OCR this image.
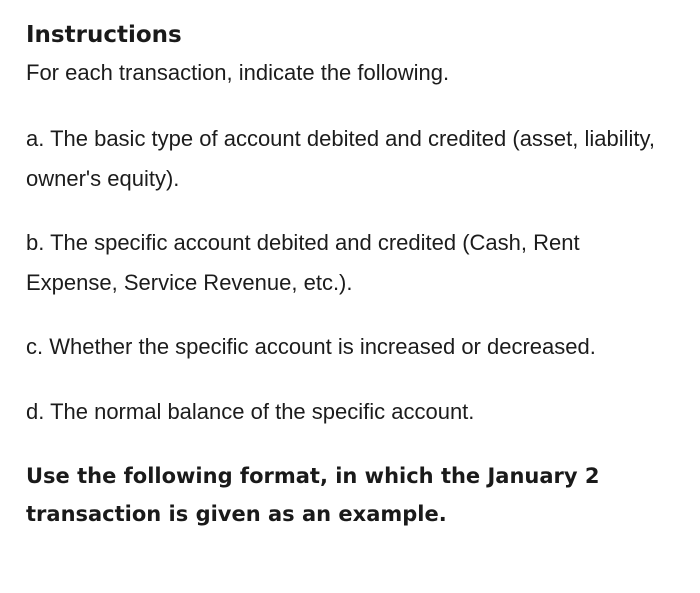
Instructions

For each transaction, indicate the following.

a. The basic type of account debited and credited (asset, liability, owner's equity).

b. The specific account debited and credited (Cash, Rent Expense, Service Revenue, etc.).

c. Whether the specific account is increased or decreased.

d. The normal balance of the specific account.

Use the following format, in which the January 2 transaction is given as an example.
